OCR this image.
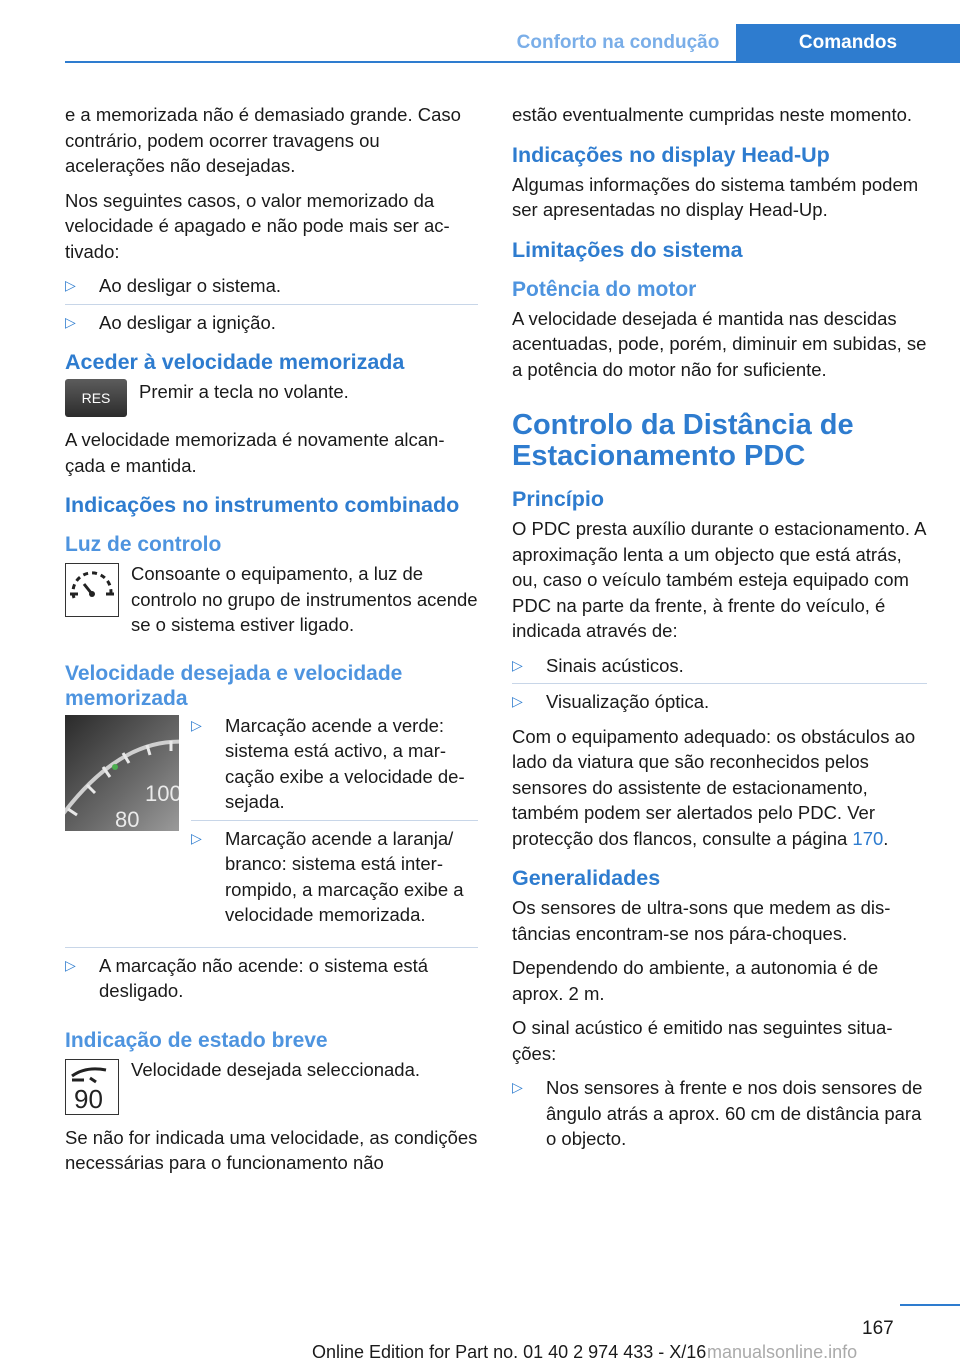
Conforto na condução	Comandos

e a memorizada não é demasiado grande. Caso contrário, podem ocorrer travagens ou acelerações não desejadas.

Nos seguintes casos, o valor memorizado da velocidade é apagado e não pode mais ser activado:

▷ Ao desligar o sistema.
▷ Ao desligar a ignição.
Aceder à velocidade memorizada
RES	Premir a tecla no volante.

A velocidade memorizada é novamente alcançada e mantida.

Indicações no instrumento combinado
Luz de controlo

Consoante o equipamento, a luz de controlo no grupo de instrumentos acende se o sistema estiver ligado.

Velocidade desejada e velocidade memorizada
100
80
▷ Marcação acende a verde: sistema está activo, a marcação exibe a velocidade desejada.
▷ Marcação acende a laranja/ branco: sistema está interrompido, a marcação exibe a velocidade memorizada.
▷ A marcação não acende: o sistema está desligado.
Indicação de estado breve
90

Velocidade desejada seleccionada.

Se não for indicada uma velocidade, as condições necessárias para o funcionamento não

estão eventualmente cumpridas neste momento.

Indicações no display Head-Up

Algumas informações do sistema também podem ser apresentadas no display Head-Up.

Limitações do sistema
Potência do motor

A velocidade desejada é mantida nas descidas acentuadas, pode, porém, diminuir em subidas, se a potência do motor não for suficiente.

Controlo da Distância de Estacionamento PDC
Princípio

O PDC presta auxílio durante o estacionamento. A aproximação lenta a um objecto que está atrás, ou, caso o veículo também esteja equipado com PDC na parte da frente, à frente do veículo, é indicada através de:

▷ Sinais acústicos.
▷ Visualização óptica.

Com o equipamento adequado: os obstáculos ao lado da viatura que são reconhecidos pelos sensores do assistente de estacionamento, também podem ser alertados pelo PDC. Ver protecção dos flancos, consulte a página 170.

Generalidades

Os sensores de ultra-sons que medem as distâncias encontram-se nos pára-choques.

Dependendo do ambiente, a autonomia é de aprox. 2 m.

O sinal acústico é emitido nas seguintes situações:

▷ Nos sensores à frente e nos dois sensores de ângulo atrás a aprox. 60 cm de distância para o objecto.
167
Online Edition for Part no. 01 40 2 974 433 - X/16 manualsonline.info
